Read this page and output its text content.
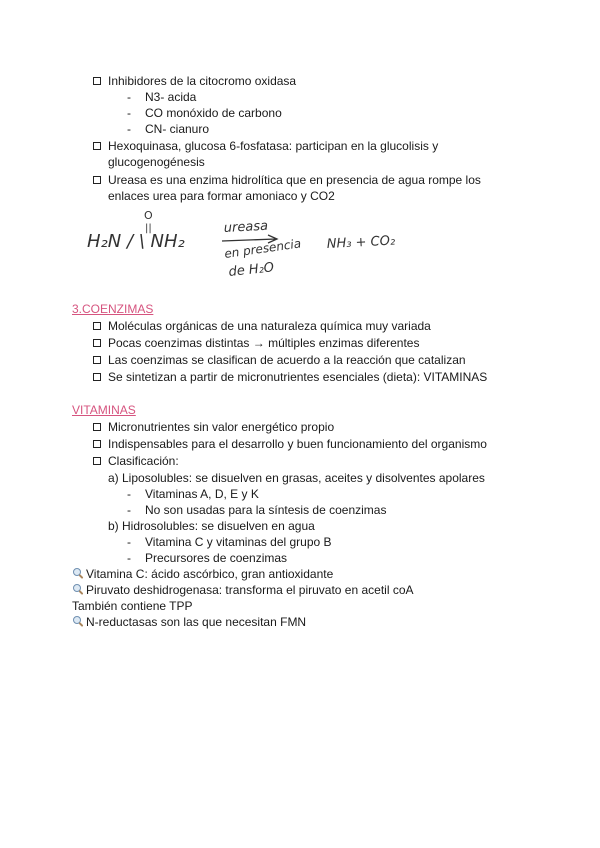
Inhibidores de la citocromo oxidasa
- N3- acida
- CO monóxido de carbono
- CN- cianuro
Hexoquinasa, glucosa 6-fosfatasa: participan en la glucolisis y
glucogenogénesis
Ureasa es una enzima hidrolítica que en presencia de agua rompe los
enlaces urea para formar amoniaco y CO2
O
||
H₂N / \ NH₂
ureasa
en presencia
de H₂O
NH₃ + CO₂
3.COENZIMAS
Moléculas orgánicas de una naturaleza química muy variada
Pocas coenzimas distintas → múltiples enzimas diferentes
Las coenzimas se clasifican de acuerdo a la reacción que catalizan
Se sintetizan a partir de micronutrientes esenciales (dieta): VITAMINAS
VITAMINAS
Micronutrientes sin valor energético propio
Indispensables para el desarrollo y buen funcionamiento del organismo
Clasificación:
a) Liposolubles: se disuelven en grasas, aceites y disolventes apolares
- Vitaminas A, D, E y K
- No son usadas para la síntesis de coenzimas
b) Hidrosolubles: se disuelven en agua
- Vitamina C y vitaminas del grupo B
- Precursores de coenzimas
Vitamina C: ácido ascórbico, gran antioxidante
Piruvato deshidrogenasa: transforma el piruvato en acetil coA
También contiene TPP
N-reductasas son las que necesitan FMN
